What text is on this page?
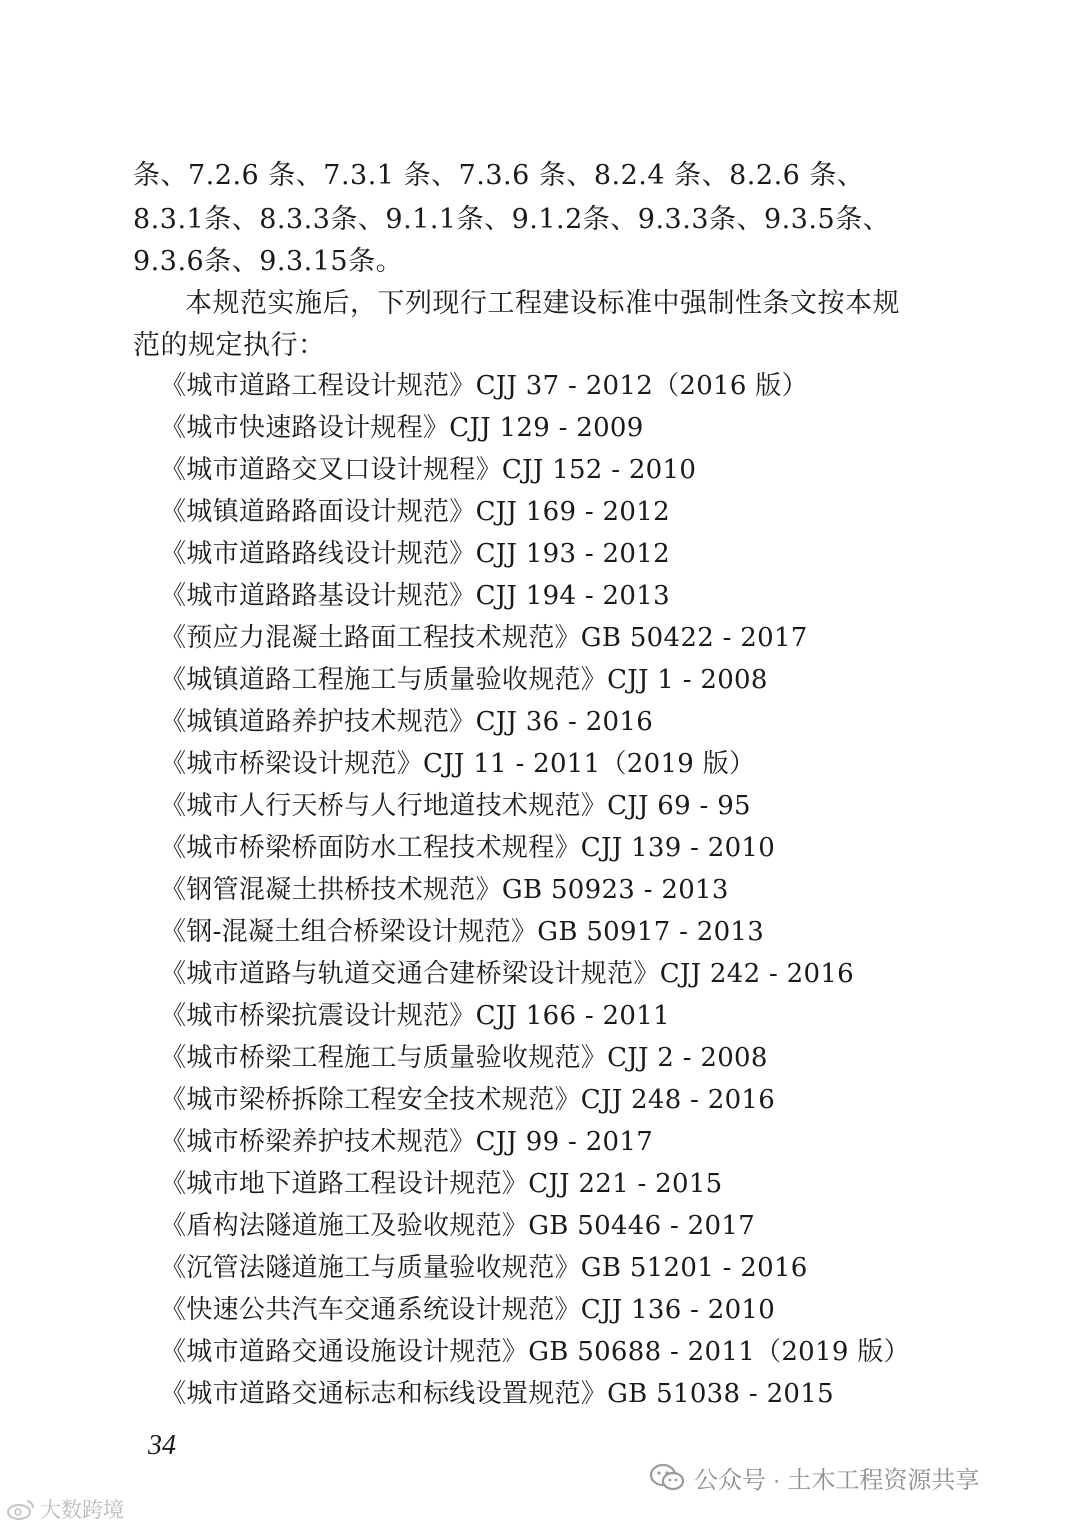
条、7.2.6 条、7.3.1 条、7.3.6 条、8.2.4 条、8.2.6 条、
8.3.1条、8.3.3条、9.1.1条、9.1.2条、9.3.3条、9.3.5条、
9.3.6条、9.3.15条。
本规范实施后，下列现行工程建设标准中强制性条文按本规
范的规定执行：
《城市道路工程设计规范》CJJ 37 - 2012（2016 版）
《城市快速路设计规程》CJJ 129 - 2009
《城市道路交叉口设计规程》CJJ 152 - 2010
《城镇道路路面设计规范》CJJ 169 - 2012
《城市道路路线设计规范》CJJ 193 - 2012
《城市道路路基设计规范》CJJ 194 - 2013
《预应力混凝土路面工程技术规范》GB 50422 - 2017
《城镇道路工程施工与质量验收规范》CJJ 1 - 2008
《城镇道路养护技术规范》CJJ 36 - 2016
《城市桥梁设计规范》CJJ 11 - 2011（2019 版）
《城市人行天桥与人行地道技术规范》CJJ 69 - 95
《城市桥梁桥面防水工程技术规程》CJJ 139 - 2010
《钢管混凝土拱桥技术规范》GB 50923 - 2013
《钢-混凝土组合桥梁设计规范》GB 50917 - 2013
《城市道路与轨道交通合建桥梁设计规范》CJJ 242 - 2016
《城市桥梁抗震设计规范》CJJ 166 - 2011
《城市桥梁工程施工与质量验收规范》CJJ 2 - 2008
《城市梁桥拆除工程安全技术规范》CJJ 248 - 2016
《城市桥梁养护技术规范》CJJ 99 - 2017
《城市地下道路工程设计规范》CJJ 221 - 2015
《盾构法隧道施工及验收规范》GB 50446 - 2017
《沉管法隧道施工与质量验收规范》GB 51201 - 2016
《快速公共汽车交通系统设计规范》CJJ 136 - 2010
《城市道路交通设施设计规范》GB 50688 - 2011（2019 版）
《城市道路交通标志和标线设置规范》GB 51038 - 2015
34
大数跨境
公众号 · 土木工程资源共享
